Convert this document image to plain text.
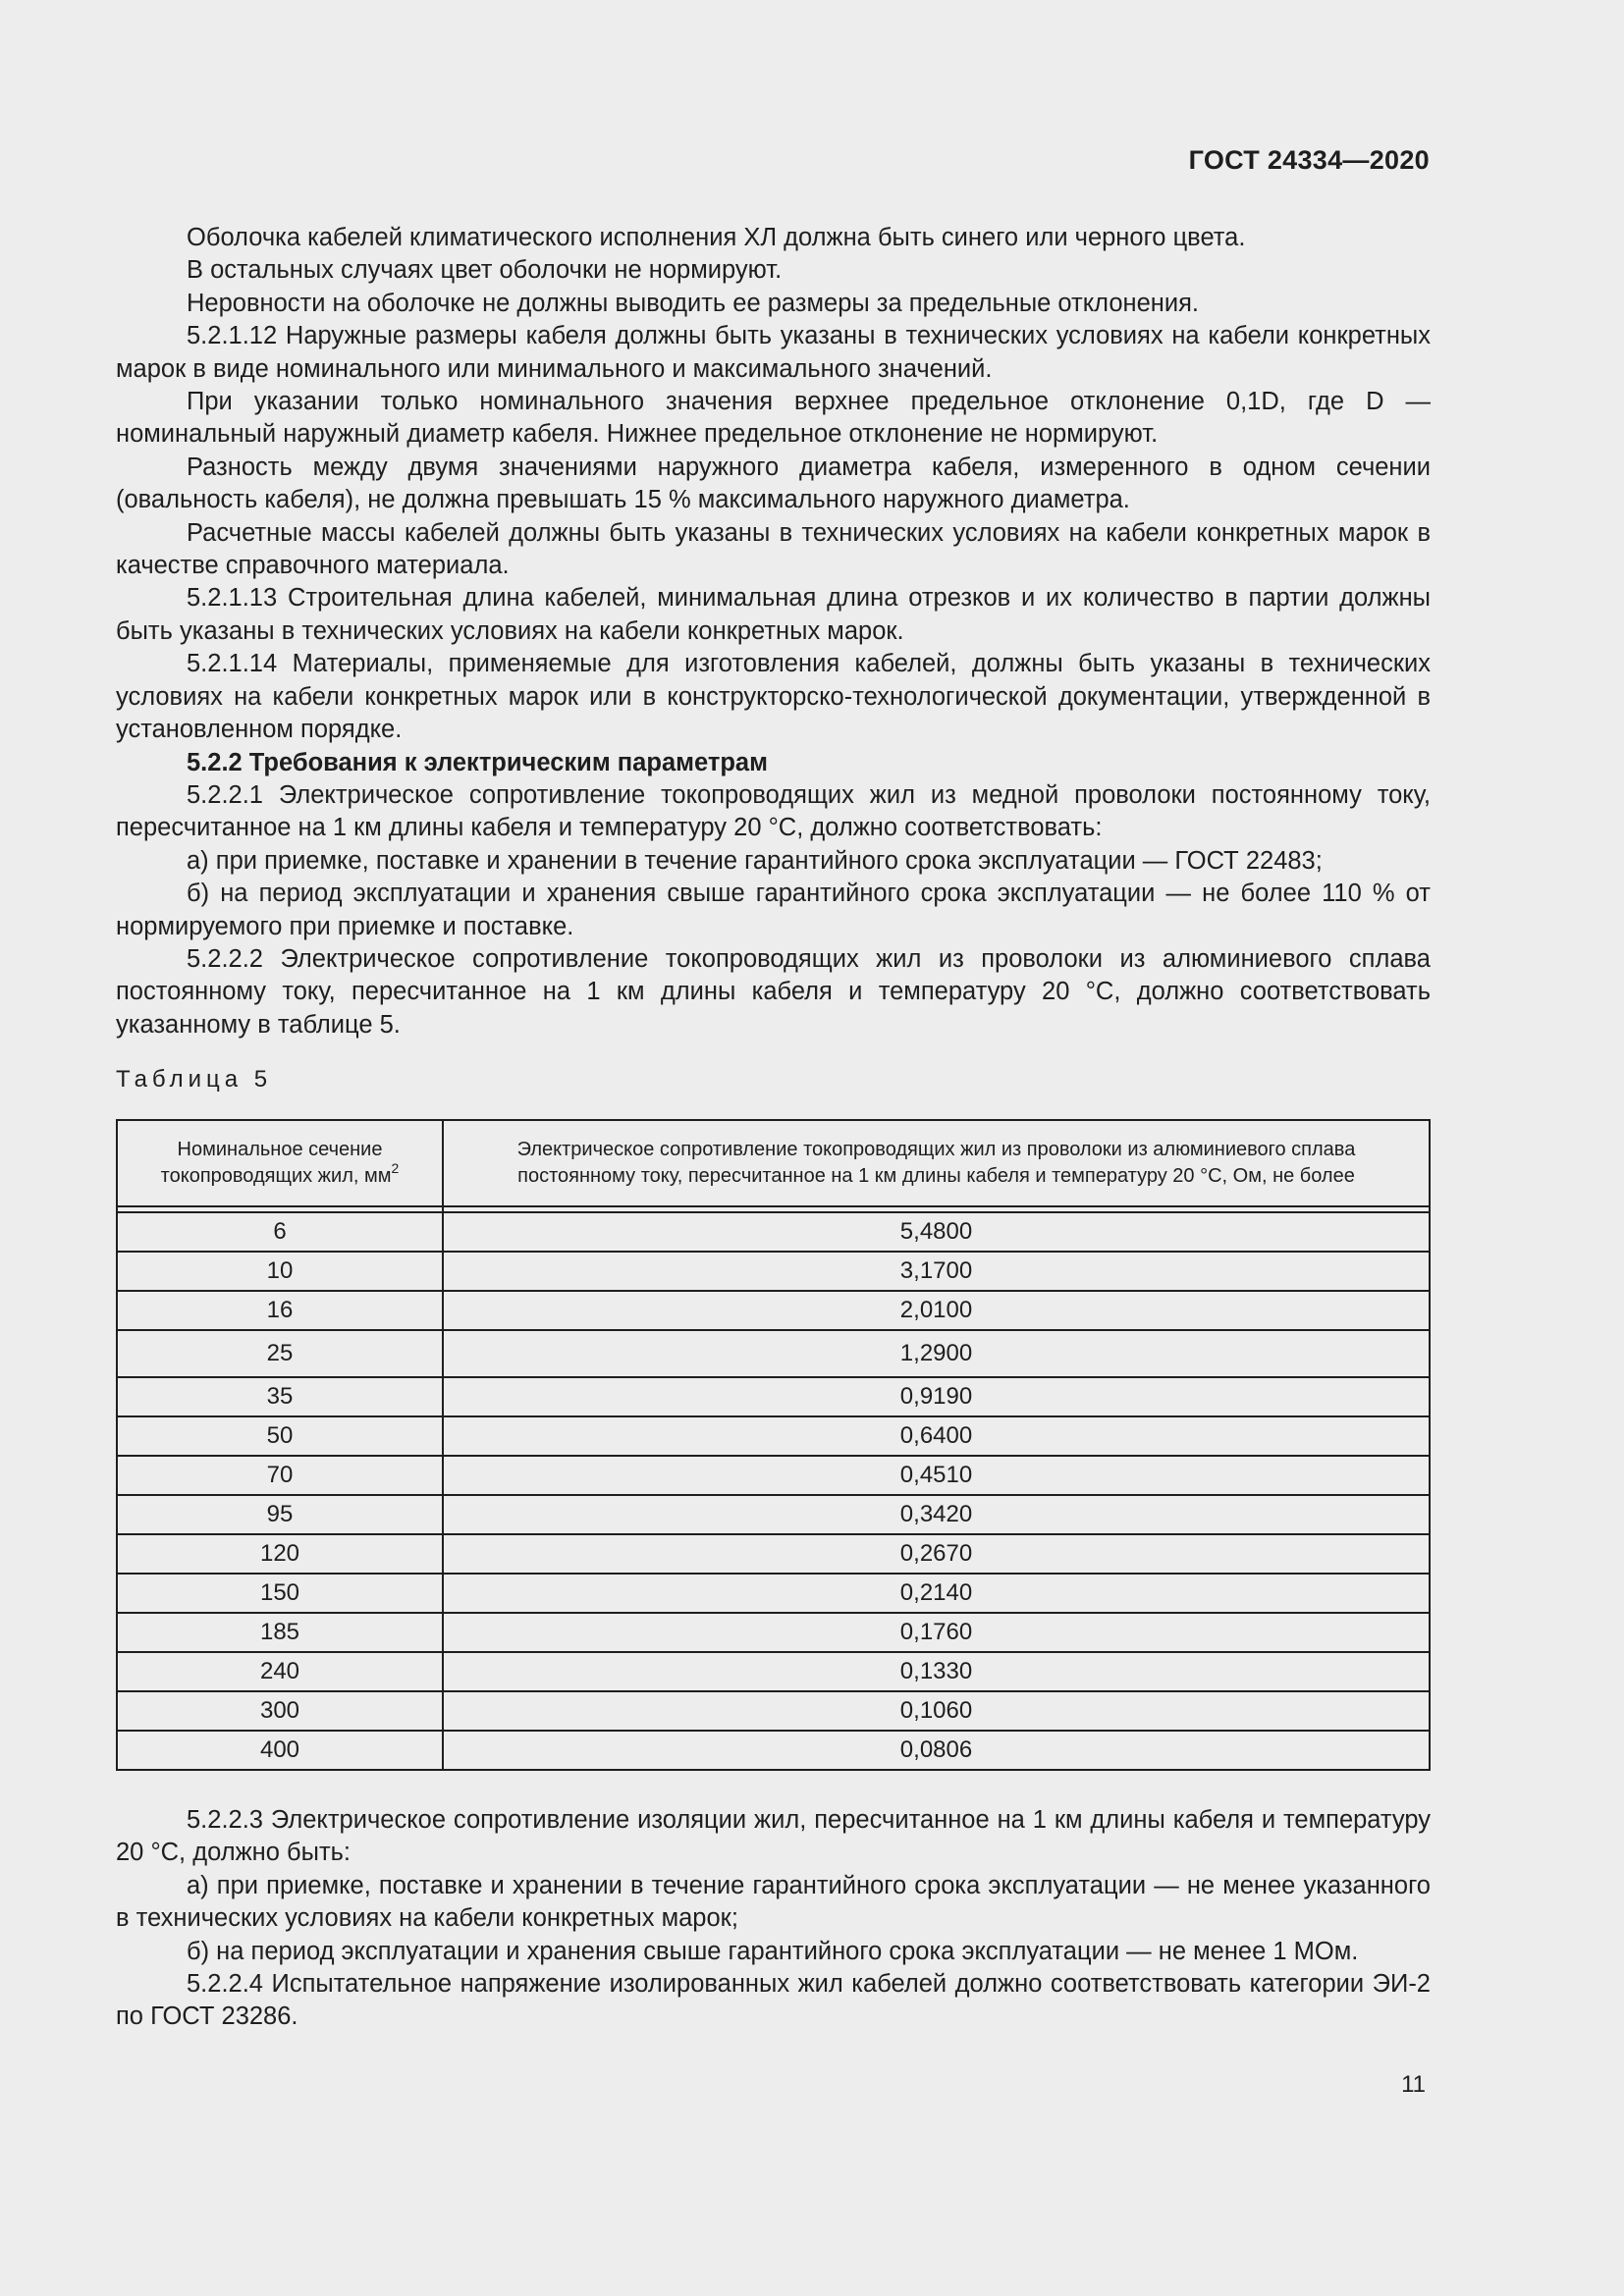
ГОСТ 24334—2020

Оболочка кабелей климатического исполнения ХЛ должна быть синего или черного цвета.

В остальных случаях цвет оболочки не нормируют.

Неровности на оболочке не должны выводить ее размеры за предельные отклонения.

5.2.1.12 Наружные размеры кабеля должны быть указаны в технических условиях на кабели конкретных марок в виде номинального или минимального и максимального значений.

При указании только номинального значения верхнее предельное отклонение 0,1D, где D — номинальный наружный диаметр кабеля. Нижнее предельное отклонение не нормируют.

Разность между двумя значениями наружного диаметра кабеля, измеренного в одном сечении (овальность кабеля), не должна превышать 15 % максимального наружного диаметра.

Расчетные массы кабелей должны быть указаны в технических условиях на кабели конкретных марок в качестве справочного материала.

5.2.1.13 Строительная длина кабелей, минимальная длина отрезков и их количество в партии должны быть указаны в технических условиях на кабели конкретных марок.

5.2.1.14 Материалы, применяемые для изготовления кабелей, должны быть указаны в технических условиях на кабели конкретных марок или в конструкторско-технологической документации, утвержденной в установленном порядке.

5.2.2 Требования к электрическим параметрам

5.2.2.1 Электрическое сопротивление токопроводящих жил из медной проволоки постоянному току, пересчитанное на 1 км длины кабеля и температуру 20 °С, должно соответствовать:

а) при приемке, поставке и хранении в течение гарантийного срока эксплуатации — ГОСТ 22483;

б) на период эксплуатации и хранения свыше гарантийного срока эксплуатации — не более 110 % от нормируемого при приемке и поставке.

5.2.2.2 Электрическое сопротивление токопроводящих жил из проволоки из алюминиевого сплава постоянному току, пересчитанное на 1 км длины кабеля и температуру 20 °С, должно соответствовать указанному в таблице 5.

Таблица 5

Номинальное сечение токопроводящих жил, $мм^2$	Электрическое сопротивление токопроводящих жил из проволоки из алюминиевого сплава постоянному току, пересчитанное на 1 км длины кабеля и температуру 20 °С, Ом, не более

6	5,4800
10	3,1700
16	2,0100
25	1,2900
35	0,9190
50	0,6400
70	0,4510
95	0,3420
120	0,2670
150	0,2140
185	0,1760
240	0,1330
300	0,1060
400	0,0806

5.2.2.3 Электрическое сопротивление изоляции жил, пересчитанное на 1 км длины кабеля и температуру 20 °С, должно быть:

а) при приемке, поставке и хранении в течение гарантийного срока эксплуатации — не менее указанного в технических условиях на кабели конкретных марок;

б) на период эксплуатации и хранения свыше гарантийного срока эксплуатации — не менее 1 МОм.

5.2.2.4 Испытательное напряжение изолированных жил кабелей должно соответствовать категории ЭИ-2 по ГОСТ 23286.

11
